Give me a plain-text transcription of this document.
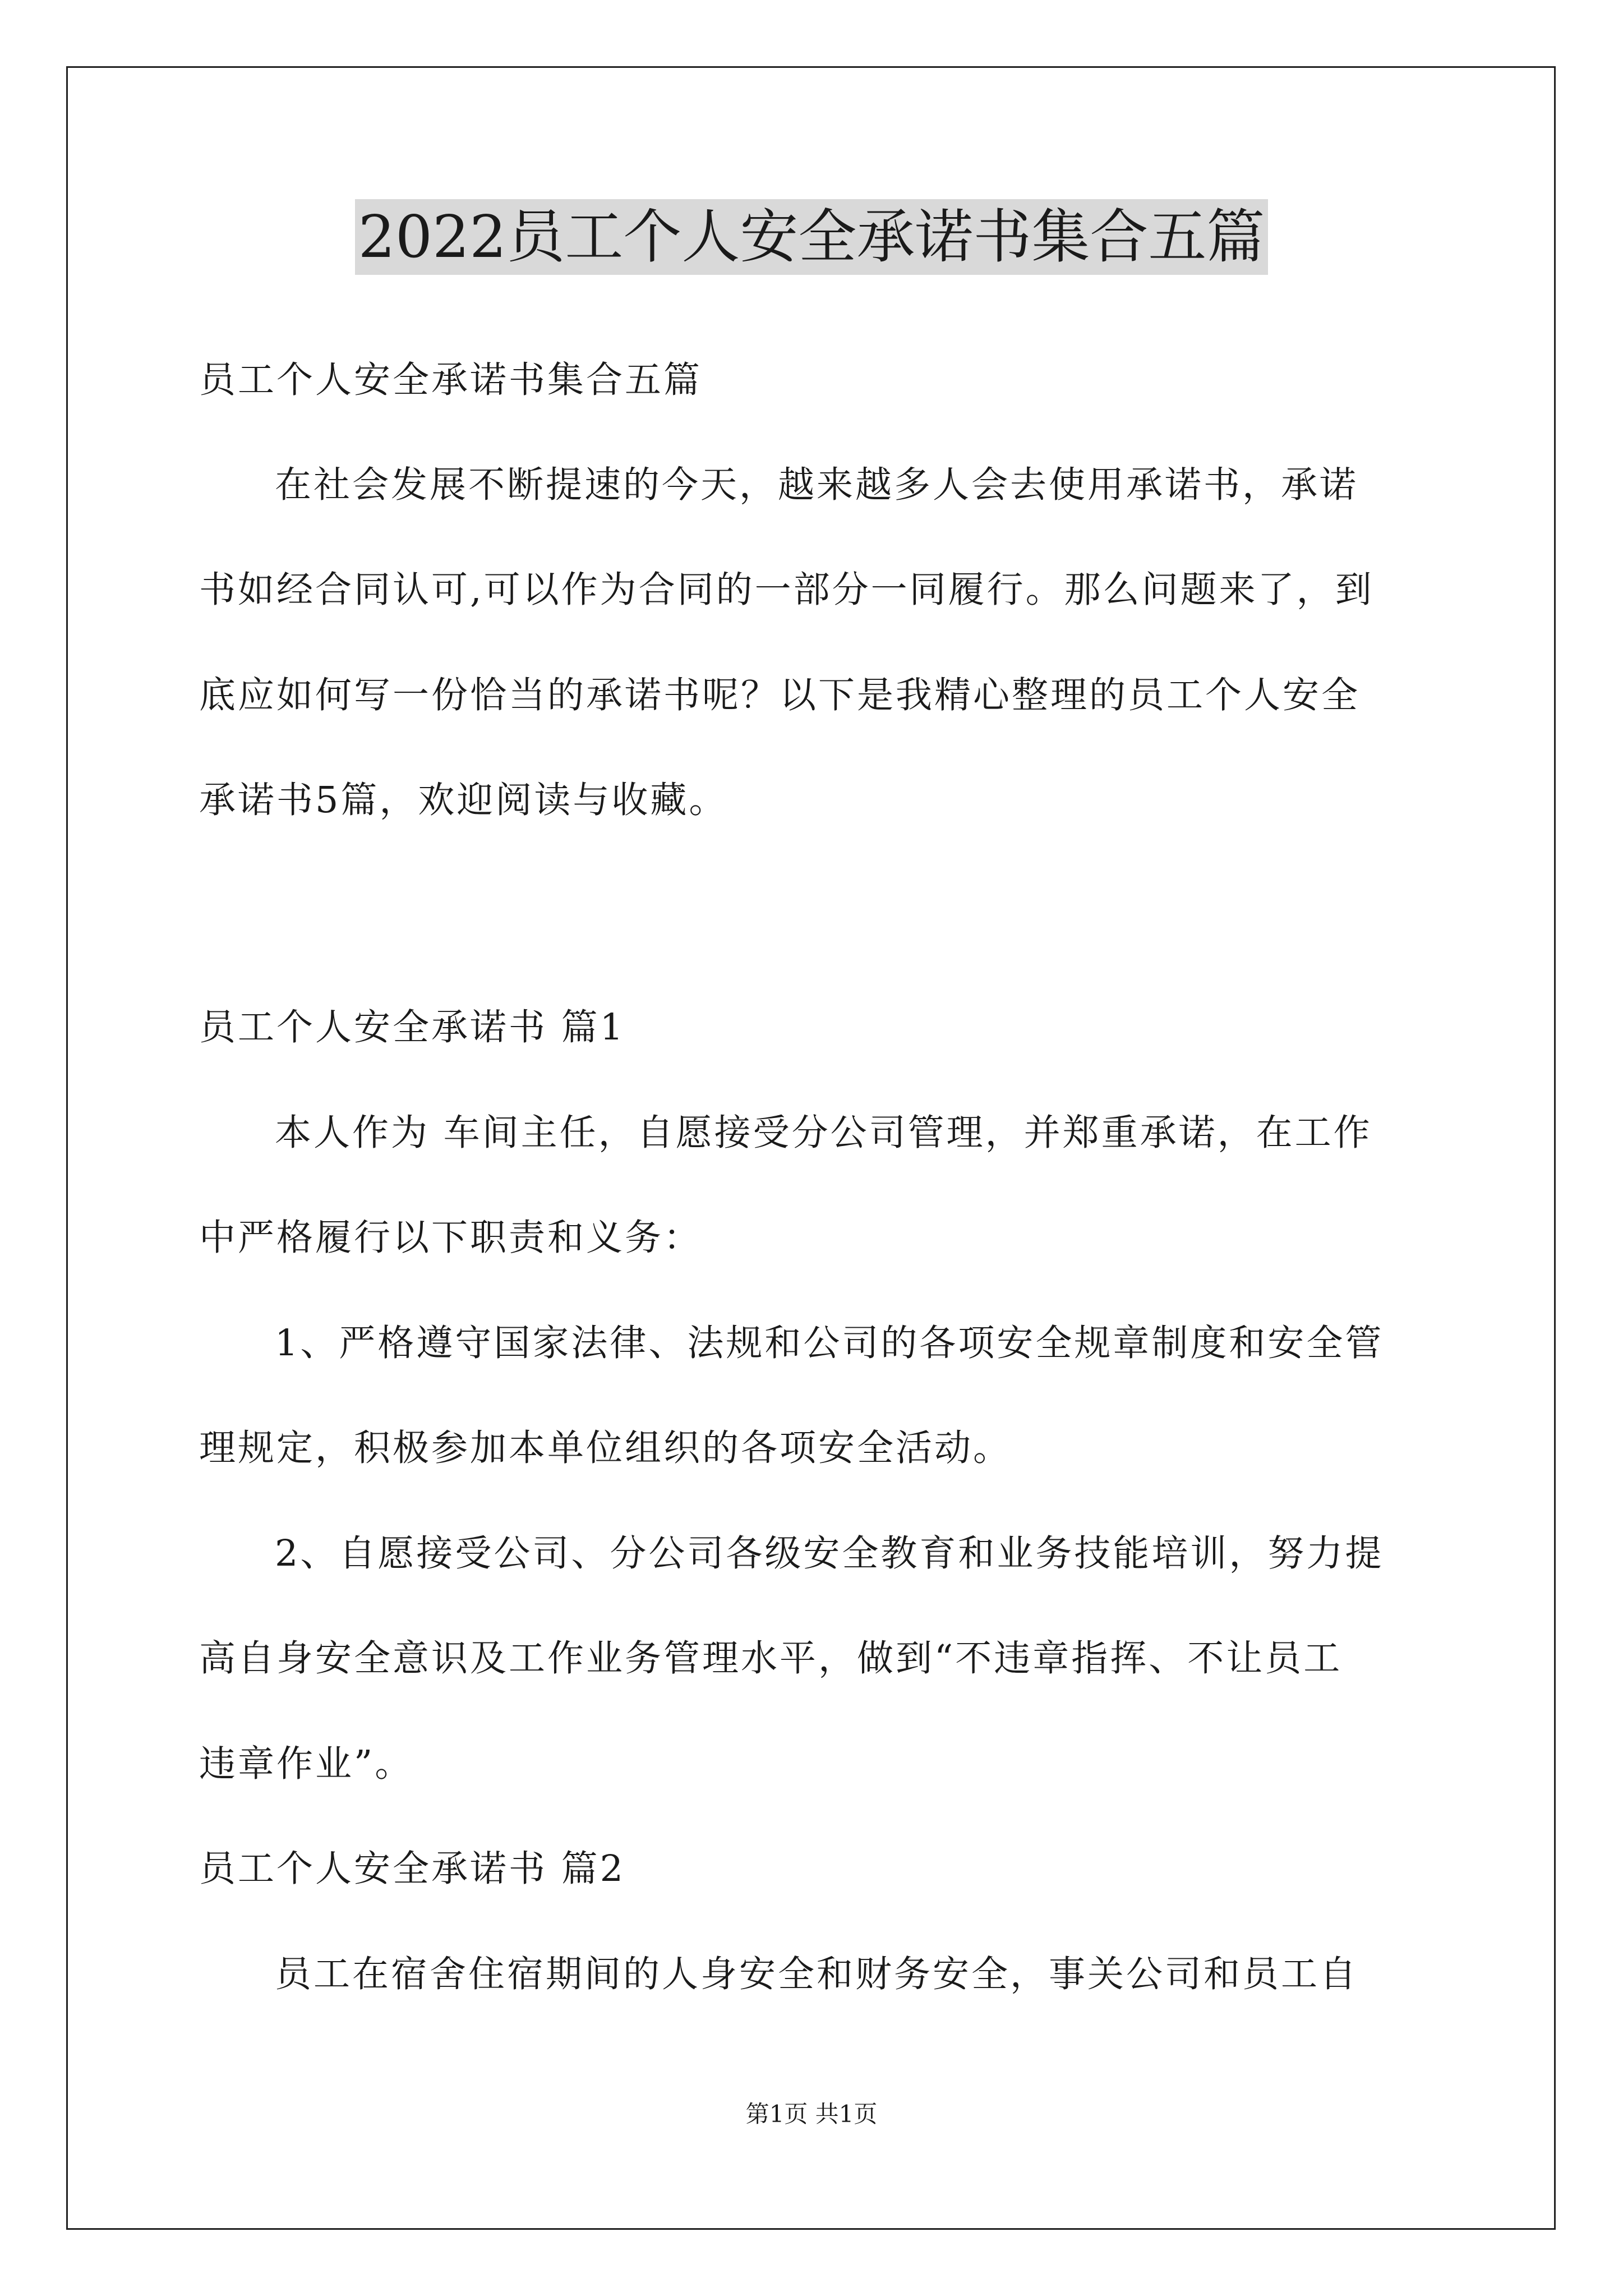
2022员工个人安全承诺书集合五篇
员工个人安全承诺书集合五篇
在社会发展不断提速的今天，越来越多人会去使用承诺书，承诺
书如经合同认可,可以作为合同的一部分一同履行。那么问题来了，到
底应如何写一份恰当的承诺书呢？以下是我精心整理的员工个人安全
承诺书5篇，欢迎阅读与收藏。
员工个人安全承诺书 篇1
本人作为 车间主任，自愿接受分公司管理，并郑重承诺，在工作
中严格履行以下职责和义务：
1、严格遵守国家法律、法规和公司的各项安全规章制度和安全管
理规定，积极参加本单位组织的各项安全活动。
2、自愿接受公司、分公司各级安全教育和业务技能培训，努力提
高自身安全意识及工作业务管理水平，做到“不违章指挥、不让员工
违章作业”。
员工个人安全承诺书 篇2
员工在宿舍住宿期间的人身安全和财务安全，事关公司和员工自
第1页 共1页
